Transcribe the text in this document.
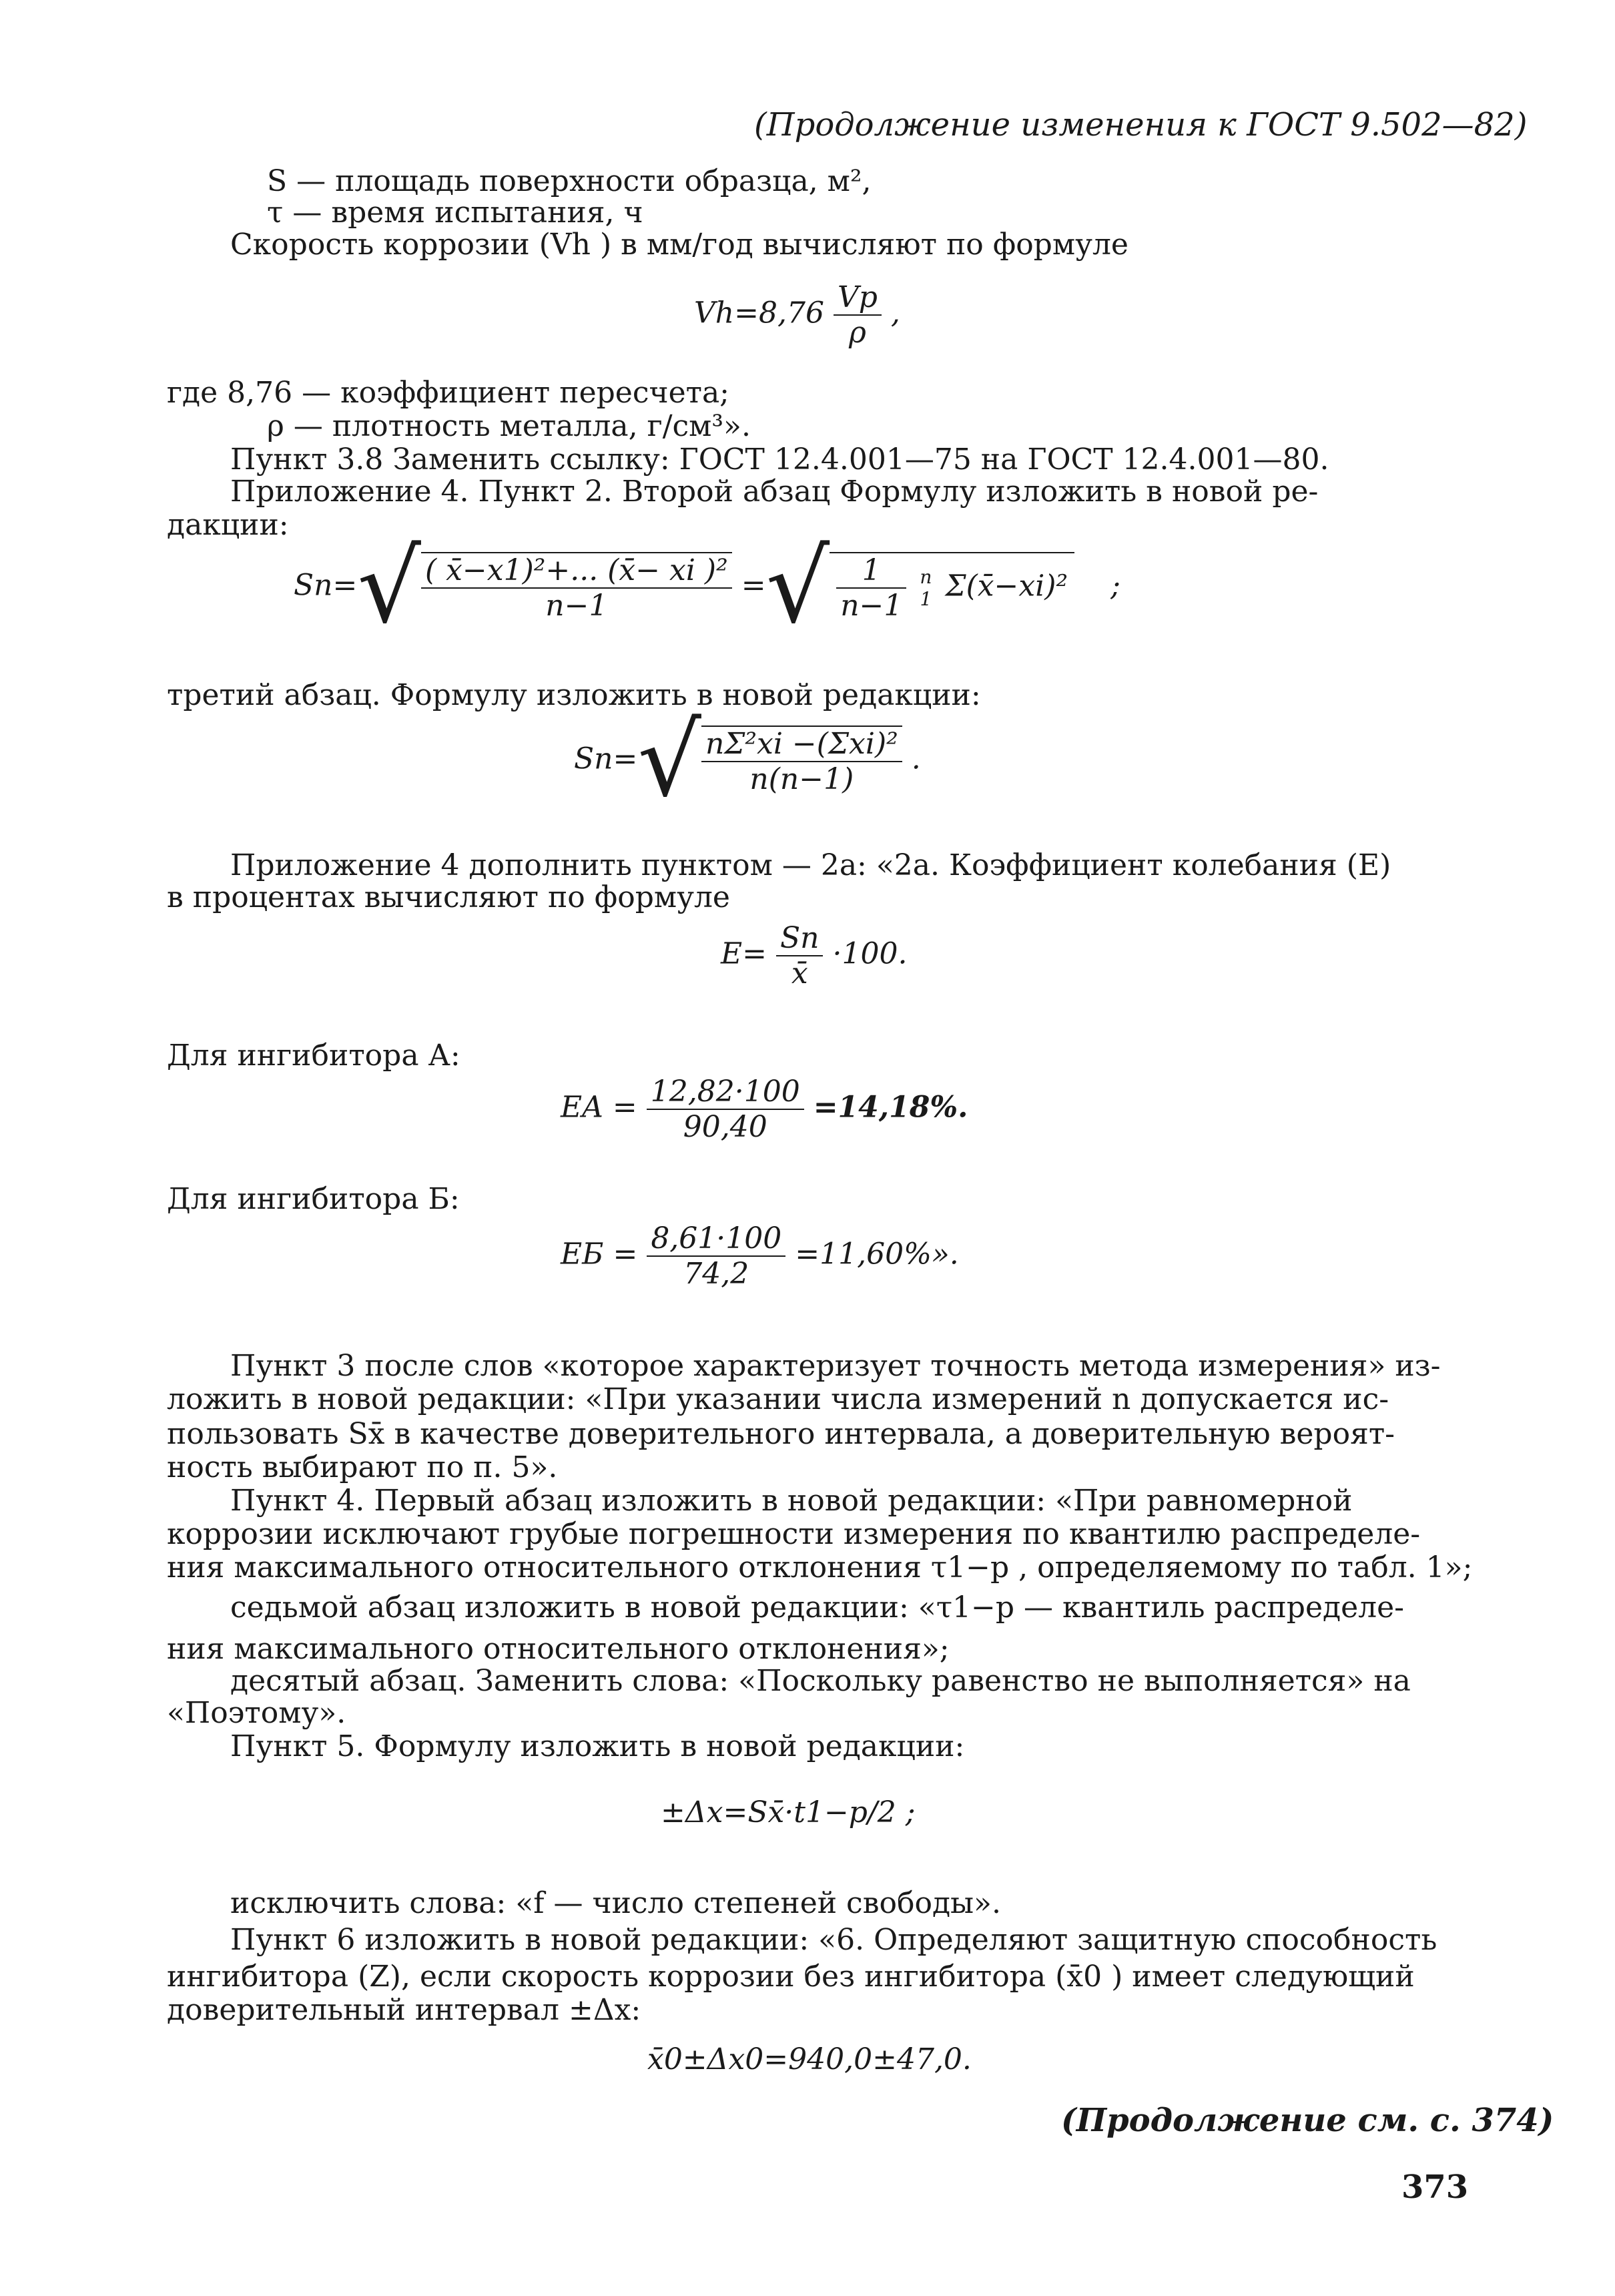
(Продолжение изменения к ГОСТ 9.502—82)
S — площадь поверхности образца, м²,
τ — время испытания, ч
Скорость коррозии (Vh ) в мм/год вычисляют по формуле
$Vh=8,76 \frac{Vp}{\rho}$ ,
где 8,76 — коэффициент пересчета;
ρ — плотность металла, г/см³».
Пункт 3.8 Заменить ссылку: ГОСТ 12.4.001—75 на ГОСТ 12.4.001—80.
Приложение 4. Пункт 2. Второй абзац Формулу изложить в новой ре-
дакции:
$Sn=√ \frac{\text{( x̄−x1)²+... (x̄− xi )²}}{n-1}$ =√ $\frac{1}{n-1}$
n
1 Σ(x̄−xi)² ;
третий абзац. Формулу изложить в новой редакции:
$Sn=√ \frac{\text{nΣ²xi −(Σxi)²}}{n(n-1)}$ .
Приложение 4 дополнить пунктом — 2а: «2а. Коэффициент колебания (E)
в процентах вычисляют по формуле
$E= \frac{Sn}{x̄} \cdot 100$.
Для ингибитора А:
EA = $\frac{12,82\cdot 100}{90,40} =14,18\%$.
Для ингибитора Б:
EБ = $\frac{8,61\cdot 100}{74,2} =11,60\%$».
Пункт 3 после слов «которое характеризует точность метода измерения» из-
ложить в новой редакции: «При указании числа измерений n допускается ис-
пользовать Sx̄ в качестве доверительного интервала, а доверительную вероят-
ность выбирают по п. 5».
Пункт 4. Первый абзац изложить в новой редакции: «При равномерной
коррозии исключают грубые погрешности измерения по квантилю распределе-
ния максимального относительного отклонения τ1−p , определяемому по табл. 1»;
седьмой абзац изложить в новой редакции: «τ1−p — квантиль распределе-
ния максимального относительного отклонения»;
десятый абзац. Заменить слова: «Поскольку равенство не выполняется» на
«Поэтому».
Пункт 5. Формулу изложить в новой редакции:
±Δx=Sx̄·t1−p/2 ;
исключить слова: «f — число степеней свободы».
Пункт 6 изложить в новой редакции: «6. Определяют защитную способность
ингибитора (Z), если скорость коррозии без ингибитора (x̄0 ) имеет следующий
доверительный интервал ±Δx:
x̄0±Δx0=940,0±47,0.
(Продолжение см. с. 374)
373
